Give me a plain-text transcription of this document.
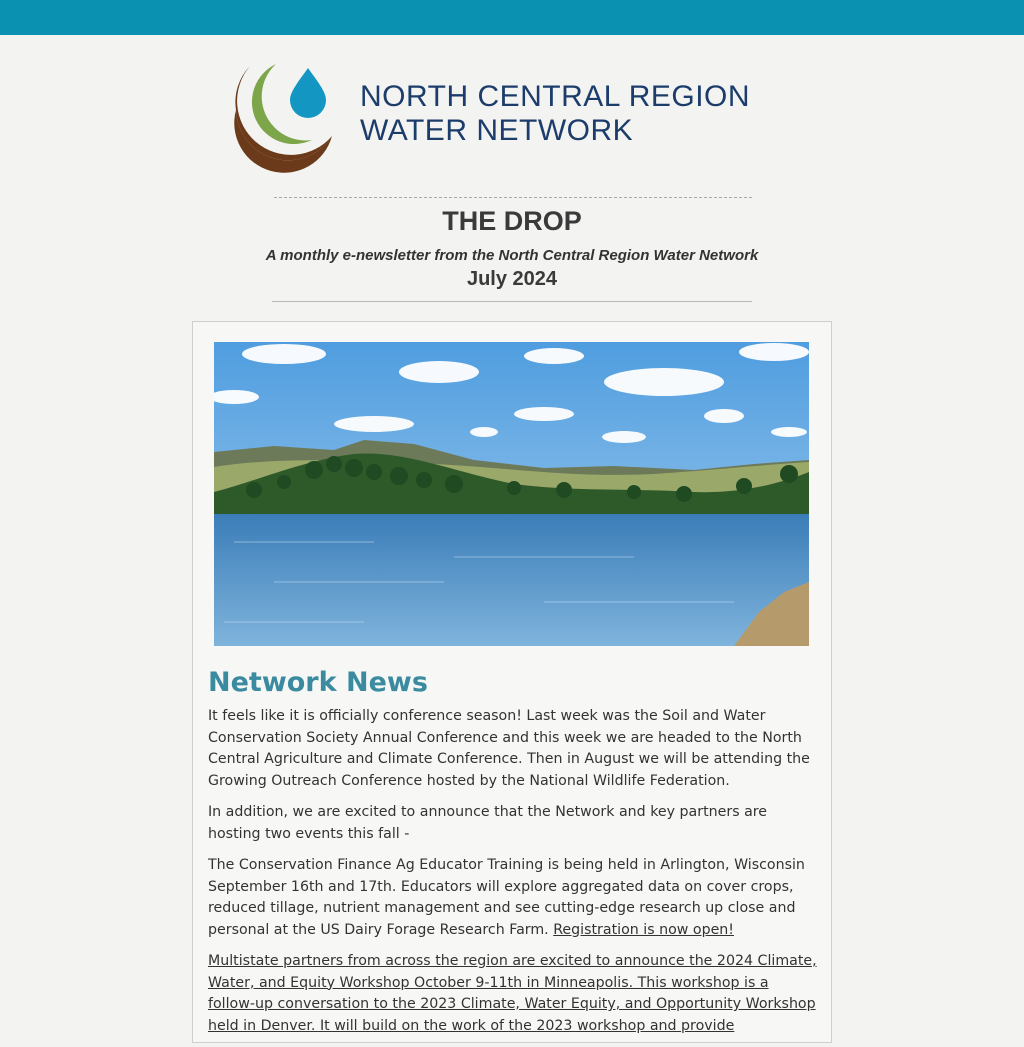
NORTH CENTRAL REGION
WATER NETWORK
THE DROP
A monthly e-newsletter from the North Central Region Water Network
July 2024
Network News

It feels like it is officially conference season! Last week was the Soil and Water Conservation Society Annual Conference and this week we are headed to the North Central Agriculture and Climate Conference. Then in August we will be attending the Growing Outreach Conference hosted by the National Wildlife Federation.

In addition, we are excited to announce that the Network and key partners are hosting two events this fall -

The Conservation Finance Ag Educator Training is being held in Arlington, Wisconsin September 16th and 17th. Educators will explore aggregated data on cover crops, reduced tillage, nutrient management and see cutting-edge research up close and personal at the US Dairy Forage Research Farm. Registration is now open!

Multistate partners from across the region are excited to announce the 2024 Climate, Water, and Equity Workshop October 9-11th in Minneapolis. This workshop is a follow-up conversation to the 2023 Climate, Water Equity, and Opportunity Workshop held in Denver. It will build on the work of the 2023 workshop and provide
